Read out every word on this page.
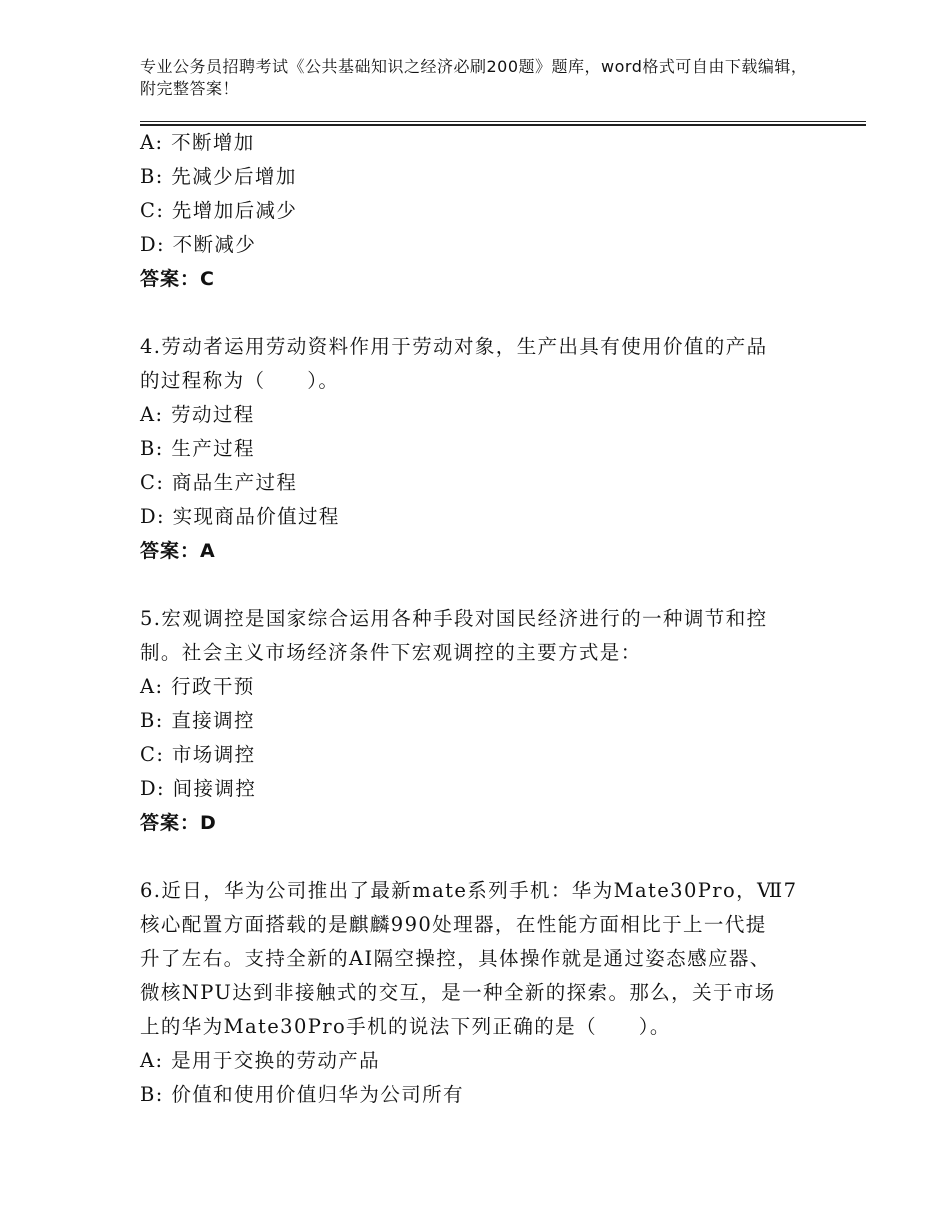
专业公务员招聘考试《公共基础知识之经济必刷200题》题库，word格式可自由下载编辑，附完整答案！
A: 不断增加
B: 先减少后增加
C: 先增加后减少
D: 不断减少
答案：C
4.劳动者运用劳动资料作用于劳动对象，生产出具有使用价值的产品
的过程称为（　　）。
A: 劳动过程
B: 生产过程
C: 商品生产过程
D: 实现商品价值过程
答案：A
5.宏观调控是国家综合运用各种手段对国民经济进行的一种调节和控
制。社会主义市场经济条件下宏观调控的主要方式是：
A: 行政干预
B: 直接调控
C: 市场调控
D: 间接调控
答案：D
6.近日，华为公司推出了最新mate系列手机：华为Mate30Pro，Ⅶ7
核心配置方面搭载的是麒麟990处理器，在性能方面相比于上一代提
升了左右。支持全新的AI隔空操控，具体操作就是通过姿态感应器、
微核NPU达到非接触式的交互，是一种全新的探索。那么，关于市场
上的华为Mate30Pro手机的说法下列正确的是（　　）。
A: 是用于交换的劳动产品
B: 价值和使用价值归华为公司所有
